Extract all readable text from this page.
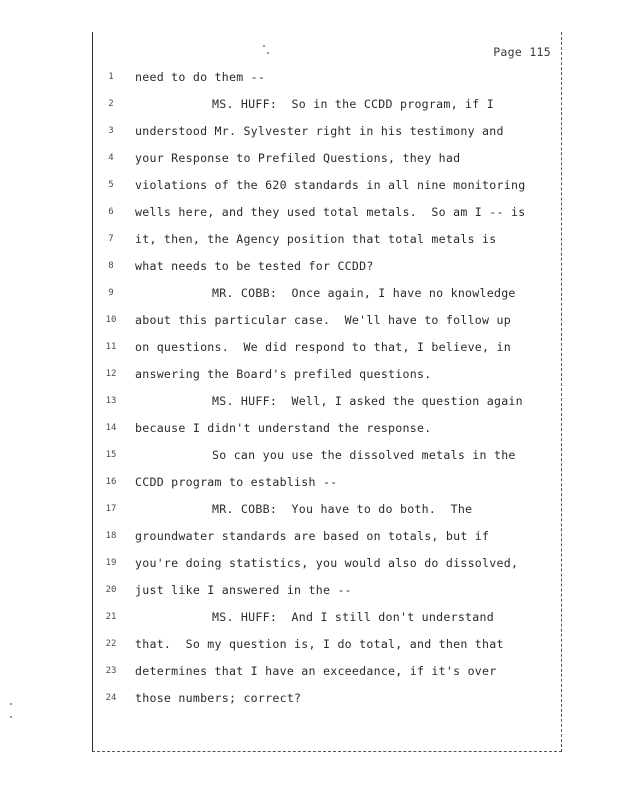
Page 115
1	need to do them --
2	MS. HUFF:  So in the CCDD program, if I
3	understood Mr. Sylvester right in his testimony and
4	your Response to Prefiled Questions, they had
5	violations of the 620 standards in all nine monitoring
6	wells here, and they used total metals.  So am I -- is
7	it, then, the Agency position that total metals is
8	what needs to be tested for CCDD?
9	MR. COBB:  Once again, I have no knowledge
10	about this particular case.  We'll have to follow up
11	on questions.  We did respond to that, I believe, in
12	answering the Board's prefiled questions.
13	MS. HUFF:  Well, I asked the question again
14	because I didn't understand the response.
15	So can you use the dissolved metals in the
16	CCDD program to establish --
17	MR. COBB:  You have to do both.  The
18	groundwater standards are based on totals, but if
19	you're doing statistics, you would also do dissolved,
20	just like I answered in the --
21	MS. HUFF:  And I still don't understand
22	that.  So my question is, I do total, and then that
23	determines that I have an exceedance, if it's over
24	those numbers; correct?
